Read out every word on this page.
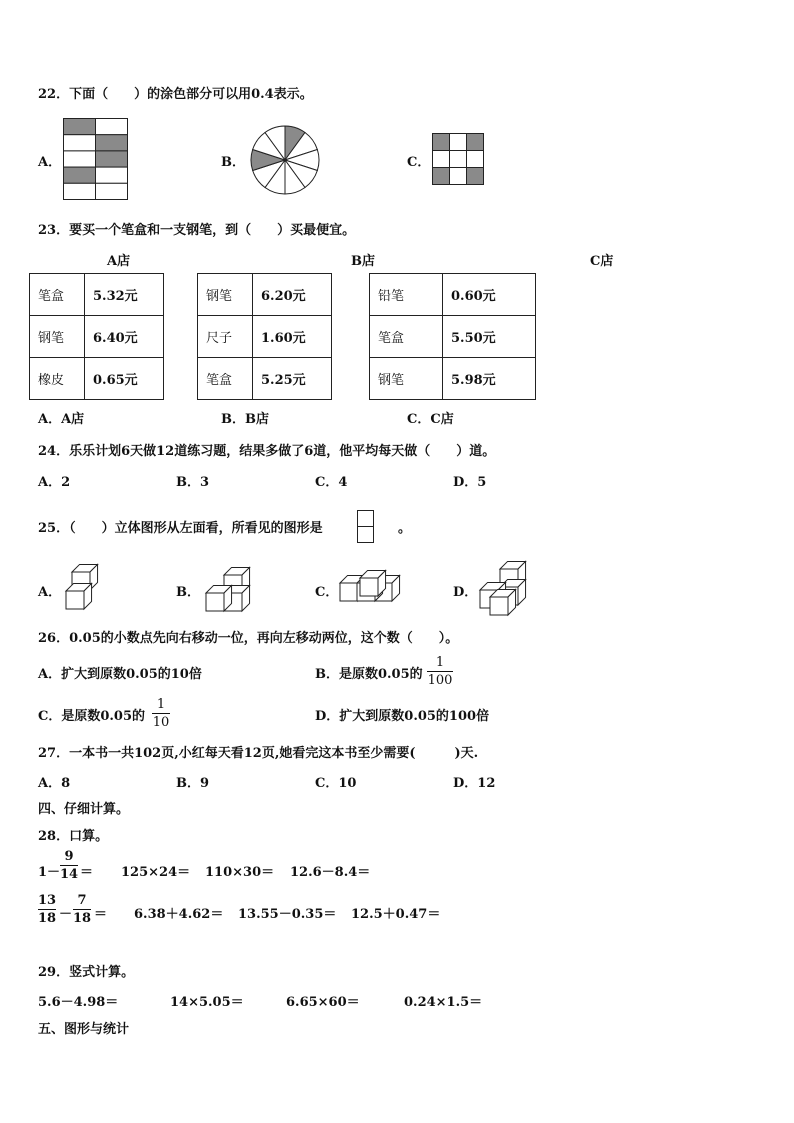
22．下面（　　）的涂色部分可以用0.4表示。
A．	B．	C．
23．要买一个笔盒和一支钢笔，到（　　）买最便宜。
A店	B店	C店
笔盒	5.32元
钢笔	6.40元
橡皮	0.65元
钢笔	6.20元
尺子	1.60元
笔盒	5.25元
铅笔	0.60元
笔盒	5.50元
钢笔	5.98元
A．A店	B．B店	C．C店
24．乐乐计划6天做12道练习题，结果多做了6道，他平均每天做（　　）道。
A．2	B．3	C．4	D．5
25．（　　）立体图形从左面看，所看见的图形是	。
A．	B．	C．	D．
26．0.05的小数点先向右移动一位，再向左移动两位，这个数（　　）。
A．扩大到原数0.05的10倍	B．是原数0.05的
1
100
C．是原数0.05的
1
10	D．扩大到原数0.05的100倍
27．一本书一共102页,小红每天看12页,她看完这本书至少需要(　　　)天.
A．8	B．9	C．10	D．12
四、仔细计算。
28．口算。
1－
9
14 ＝ 125×24＝ 110×30＝ 12.6－8.4＝
13
18 －
7
18 ＝ 6.38＋4.62＝ 13.55－0.35＝ 12.5＋0.47＝
29．竖式计算。
5.6－4.98＝	14×5.05＝	6.65×60＝	0.24×1.5＝
五、图形与统计
